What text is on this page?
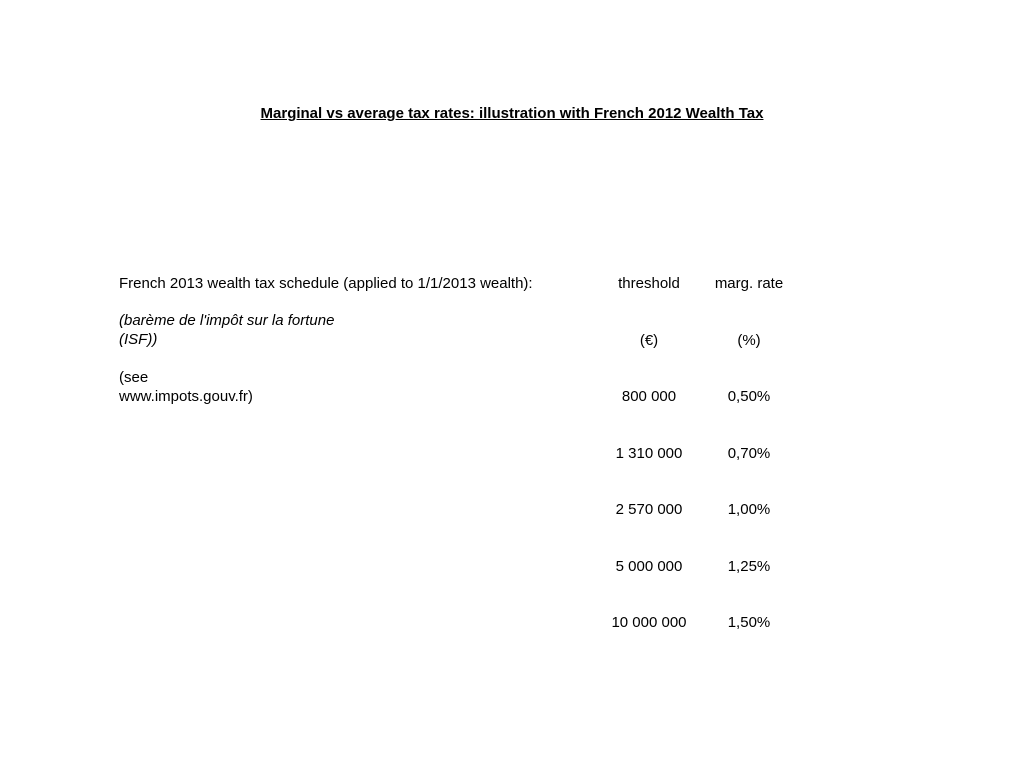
Marginal vs average tax rates: illustration with French 2012 Wealth Tax
French 2013 wealth tax schedule (applied to 1/1/2013 wealth):
(barème de l'impôt sur la fortune
(ISF))
(see
www.impots.gouv.fr)
threshold	marg. rate
(€)	(%)
800 000	0,50%
1 310 000	0,70%
2 570 000	1,00%
5 000 000	1,25%
10 000 000	1,50%
